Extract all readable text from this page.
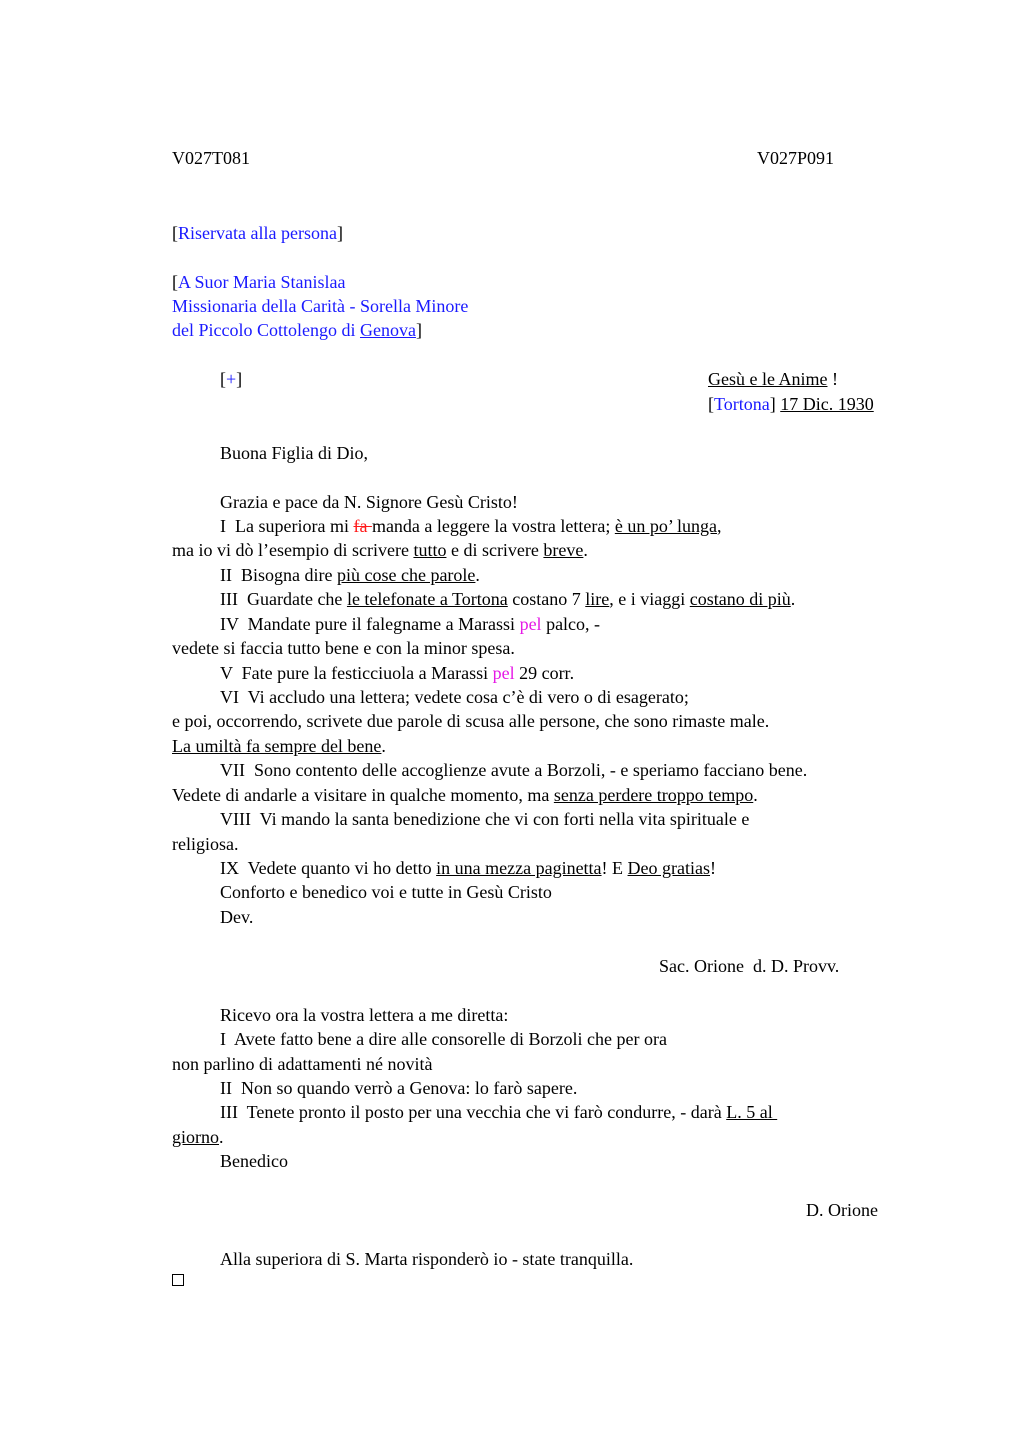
V027T081	V027P091
[Riservata alla persona]
[A Suor Maria Stanislaa
Missionaria della Carità - Sorella Minore
del Piccolo Cottolengo di Genova]
[+]	Gesù e le Anime !
[Tortona] 17 Dic. 1930
Buona Figlia di Dio,
Grazia e pace da N. Signore Gesù Cristo!
I  La superiora mi fa manda a leggere la vostra lettera; è un po’ lunga,
ma io vi dò l’esempio di scrivere tutto e di scrivere breve.
II  Bisogna dire più cose che parole.
III  Guardate che le telefonate a Tortona costano 7 lire, e i viaggi costano di più.
IV  Mandate pure il falegname a Marassi pel palco, -
vedete si faccia tutto bene e con la minor spesa.
V  Fate pure la festicciuola a Marassi pel 29 corr.
VI  Vi accludo una lettera; vedete cosa c’è di vero o di esagerato;
e poi, occorrendo, scrivete due parole di scusa alle persone, che sono rimaste male.
La umiltà fa sempre del bene.
VII  Sono contento delle accoglienze avute a Borzoli, - e speriamo facciano bene.
Vedete di andarle a visitare in qualche momento, ma senza perdere troppo tempo.
VIII  Vi mando la santa benedizione che vi con forti nella vita spirituale e
religiosa.
IX  Vedete quanto vi ho detto in una mezza paginetta! E Deo gratias!
Conforto e benedico voi e tutte in Gesù Cristo
Dev.
Sac. Orione  d. D. Provv.
Ricevo ora la vostra lettera a me diretta:
I  Avete fatto bene a dire alle consorelle di Borzoli che per ora
non parlino di adattamenti né novità
II  Non so quando verrò a Genova: lo farò sapere.
III  Tenete pronto il posto per una vecchia che vi farò condurre, - darà L. 5 al
giorno.
Benedico
D. Orione
Alla superiora di S. Marta risponderò io - state tranquilla.
